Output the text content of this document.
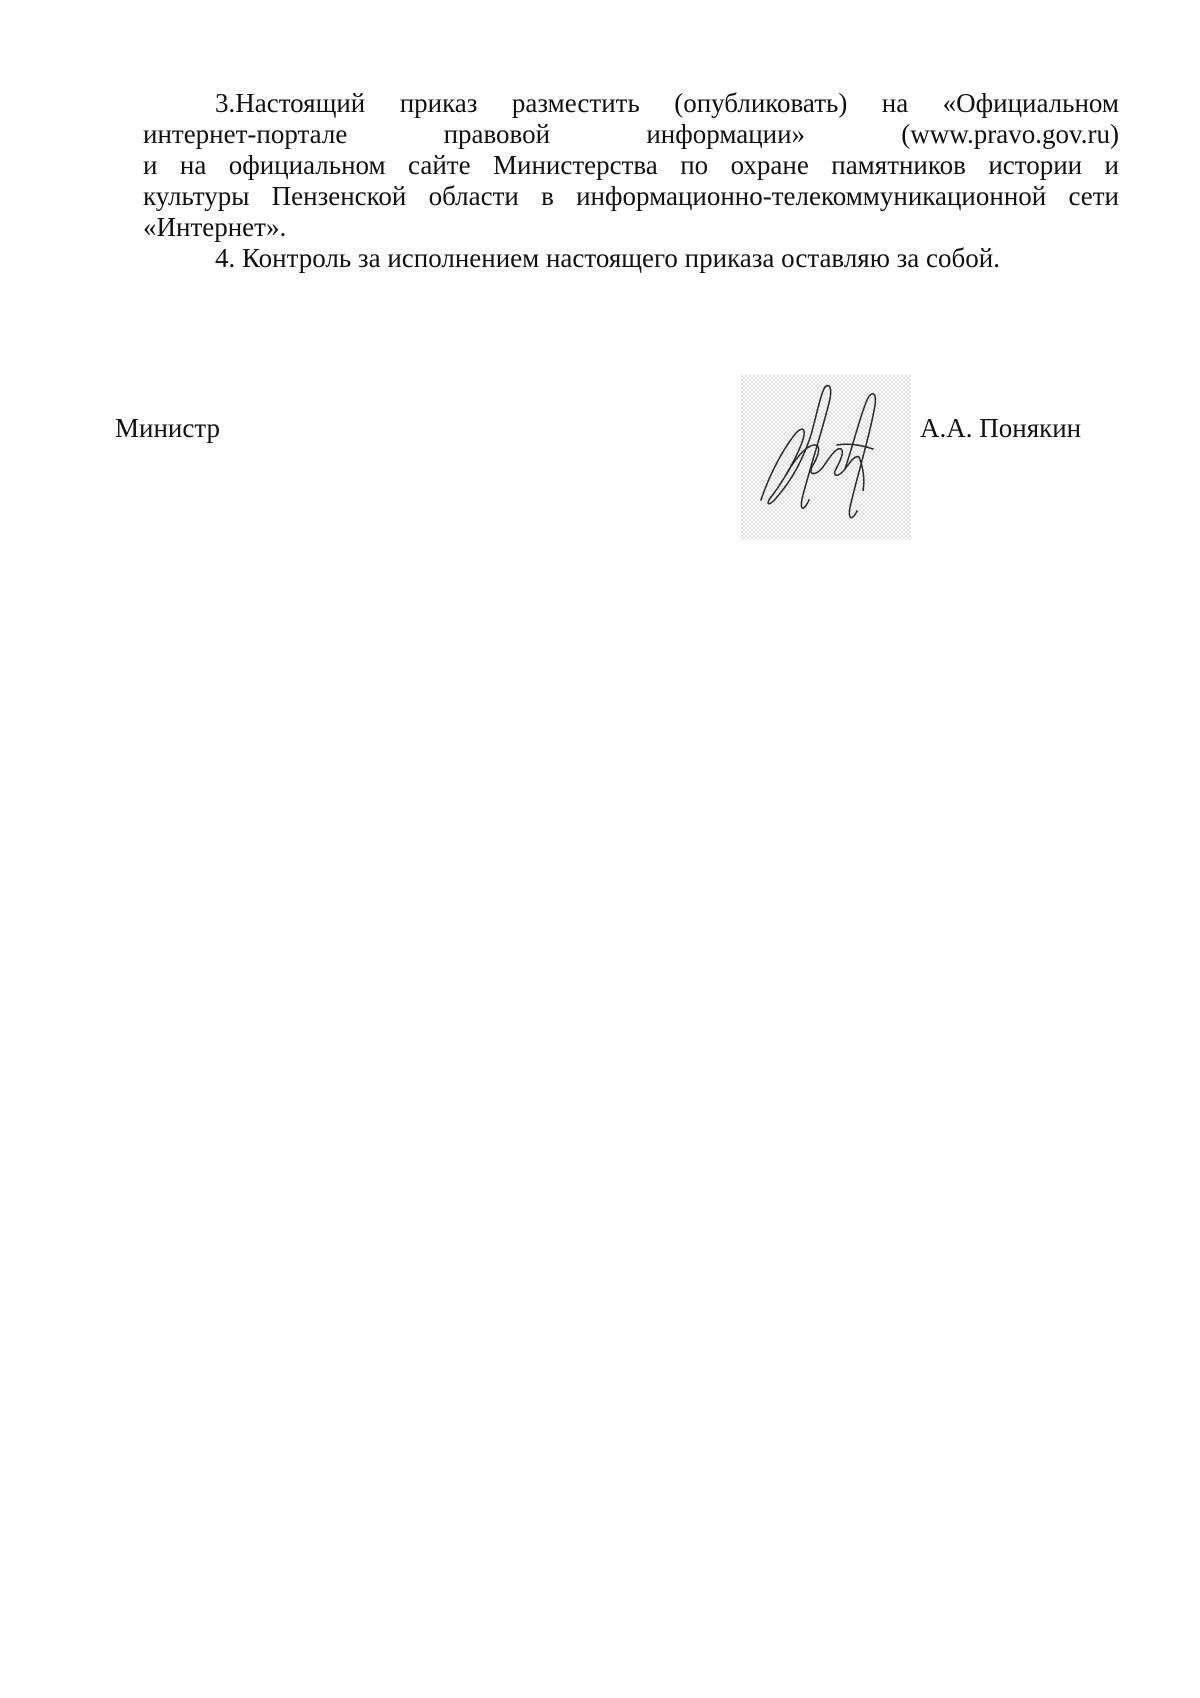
3.Настоящий приказ разместить (опубликовать) на «Официальном
интернет-портале	правовой	информации»	(www.pravo.gov.ru)
и на официальном сайте Министерства по охране памятников истории и
культуры Пензенской области в информационно-телекоммуникационной сети
«Интернет».
4. Контроль за исполнением настоящего приказа оставляю за собой.
Министр	А.А. Понякин
